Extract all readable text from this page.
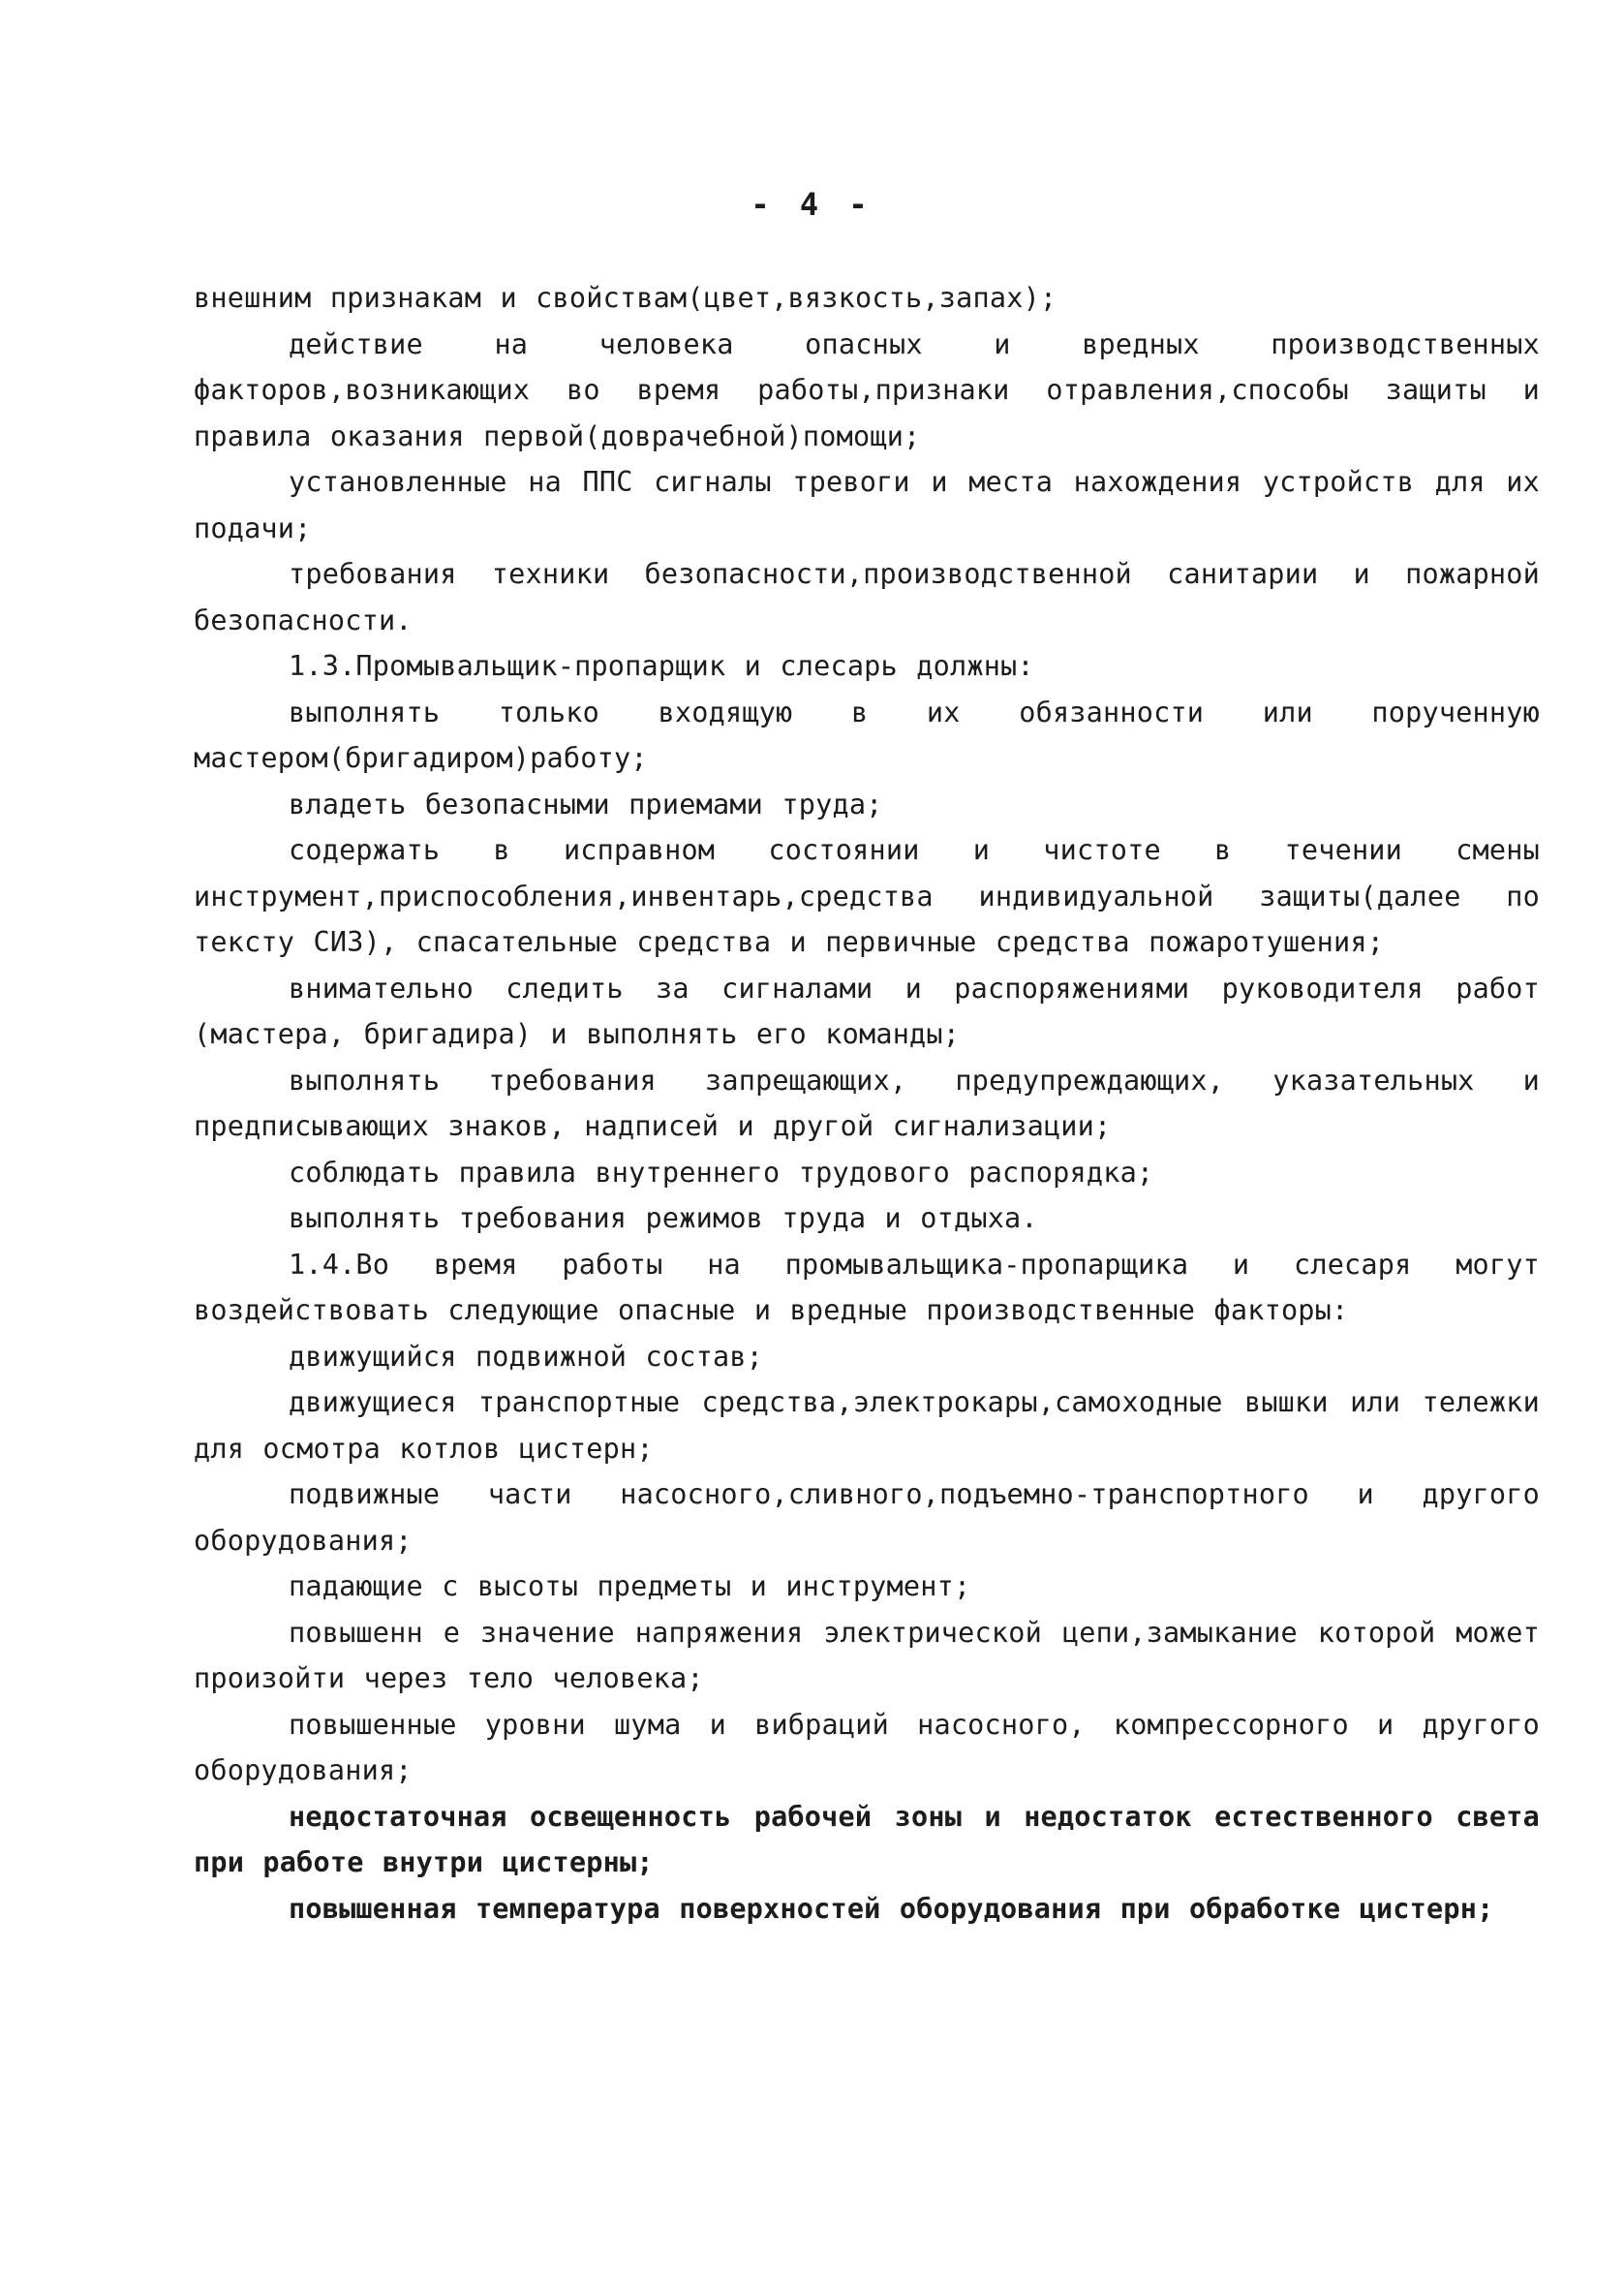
- 4 -

внешним признакам и свойствам(цвет,вязкость,запах);

действие на человека опасных и вредных производственных факторов,возникающих во время работы,признаки отравления,способы защиты и правила оказания первой(доврачебной)помощи;

установленные на ППС сигналы тревоги и места нахождения устройств для их подачи;

требования техники безопасности,производственной санитарии и пожарной безопасности.

1.3.Промывальщик-пропарщик и слесарь должны:

выполнять только входящую в их обязанности или порученную мастером(бригадиром)работу;

владеть безопасными приемами труда;

содержать в исправном состоянии и чистоте в течении смены инструмент,приспособления,инвентарь,средства индивидуальной защиты(далее по тексту СИЗ), спасательные средства и первичные средства пожаротушения;

внимательно следить за сигналами и распоряжениями руководителя работ (мастера, бригадира) и выполнять его команды;

выполнять требования запрещающих, предупреждающих, указательных и предписывающих знаков, надписей и другой сигнализации;

соблюдать правила внутреннего трудового распорядка;

выполнять требования режимов труда и отдыха.

1.4.Во время работы на промывальщика-пропарщика и слесаря могут воздействовать следующие опасные и вредные производственные факторы:

движущийся подвижной состав;

движущиеся транспортные средства,электрокары,самоходные вышки или тележки для осмотра котлов цистерн;

подвижные части насосного,сливного,подъемно-транспортного и другого оборудования;

падающие с высоты предметы и инструмент;

повышенн е значение напряжения электрической цепи,замыкание которой может произойти через тело человека;

повышенные уровни шума и вибраций насосного, компрессорного и другого оборудования;

недостаточная освещенность рабочей зоны и недостаток естественного света при работе внутри цистерны;

повышенная температура поверхностей оборудования при обработке цистерн;
